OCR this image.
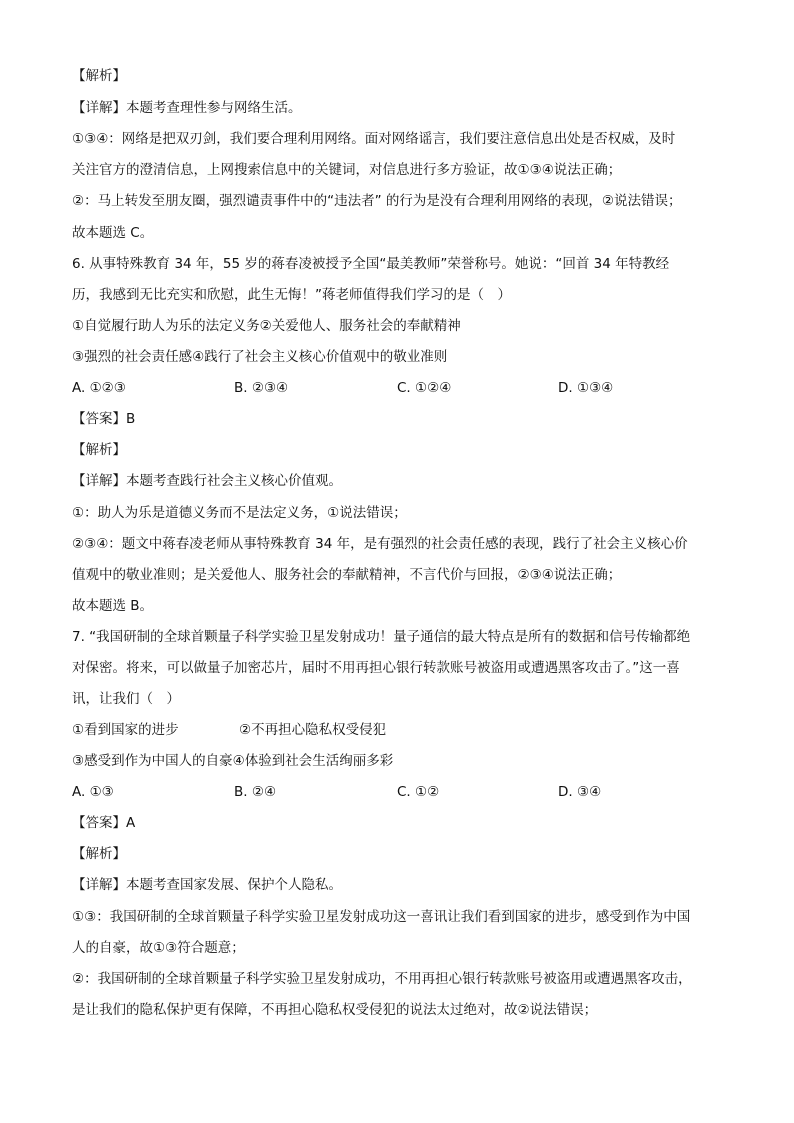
【解析】
【详解】本题考查理性参与网络生活。
①③④：网络是把双刃剑，我们要合理利用网络。面对网络谣言，我们要注意信息出处是否权威，及时
关注官方的澄清信息，上网搜索信息中的关键词，对信息进行多方验证，故①③④说法正确；
②：马上转发至朋友圈，强烈谴责事件中的“违法者” 的行为是没有合理利用网络的表现，②说法错误；
故本题选 C。
6. 从事特殊教育 34 年，55 岁的蒋春凌被授予全国“最美教师”荣誉称号。她说：“回首 34 年特教经
历，我感到无比充实和欣慰，此生无悔！”蒋老师值得我们学习的是（　）
①自觉履行助人为乐的法定义务②关爱他人、服务社会的奉献精神
③强烈的社会责任感④践行了社会主义核心价值观中的敬业准则
A. ①②③	B. ②③④	C. ①②④	D. ①③④
【答案】B
【解析】
【详解】本题考查践行社会主义核心价值观。
①：助人为乐是道德义务而不是法定义务，①说法错误；
②③④：题文中蒋春凌老师从事特殊教育 34 年，是有强烈的社会责任感的表现，践行了社会主义核心价
值观中的敬业准则；是关爱他人、服务社会的奉献精神，不言代价与回报，②③④说法正确；
故本题选 B。
7. “我国研制的全球首颗量子科学实验卫星发射成功！量子通信的最大特点是所有的数据和信号传输都绝
对保密。将来，可以做量子加密芯片，届时不用再担心银行转款账号被盗用或遭遇黑客攻击了。”这一喜
讯，让我们（　）
①看到国家的进步	②不再担心隐私权受侵犯
③感受到作为中国人的自豪④体验到社会生活绚丽多彩
A. ①③	B. ②④	C. ①②	D. ③④
【答案】A
【解析】
【详解】本题考查国家发展、保护个人隐私。
①③：我国研制的全球首颗量子科学实验卫星发射成功这一喜讯让我们看到国家的进步，感受到作为中国
人的自豪，故①③符合题意；
②：我国研制的全球首颗量子科学实验卫星发射成功，不用再担心银行转款账号被盗用或遭遇黑客攻击，
是让我们的隐私保护更有保障，不再担心隐私权受侵犯的说法太过绝对，故②说法错误；
